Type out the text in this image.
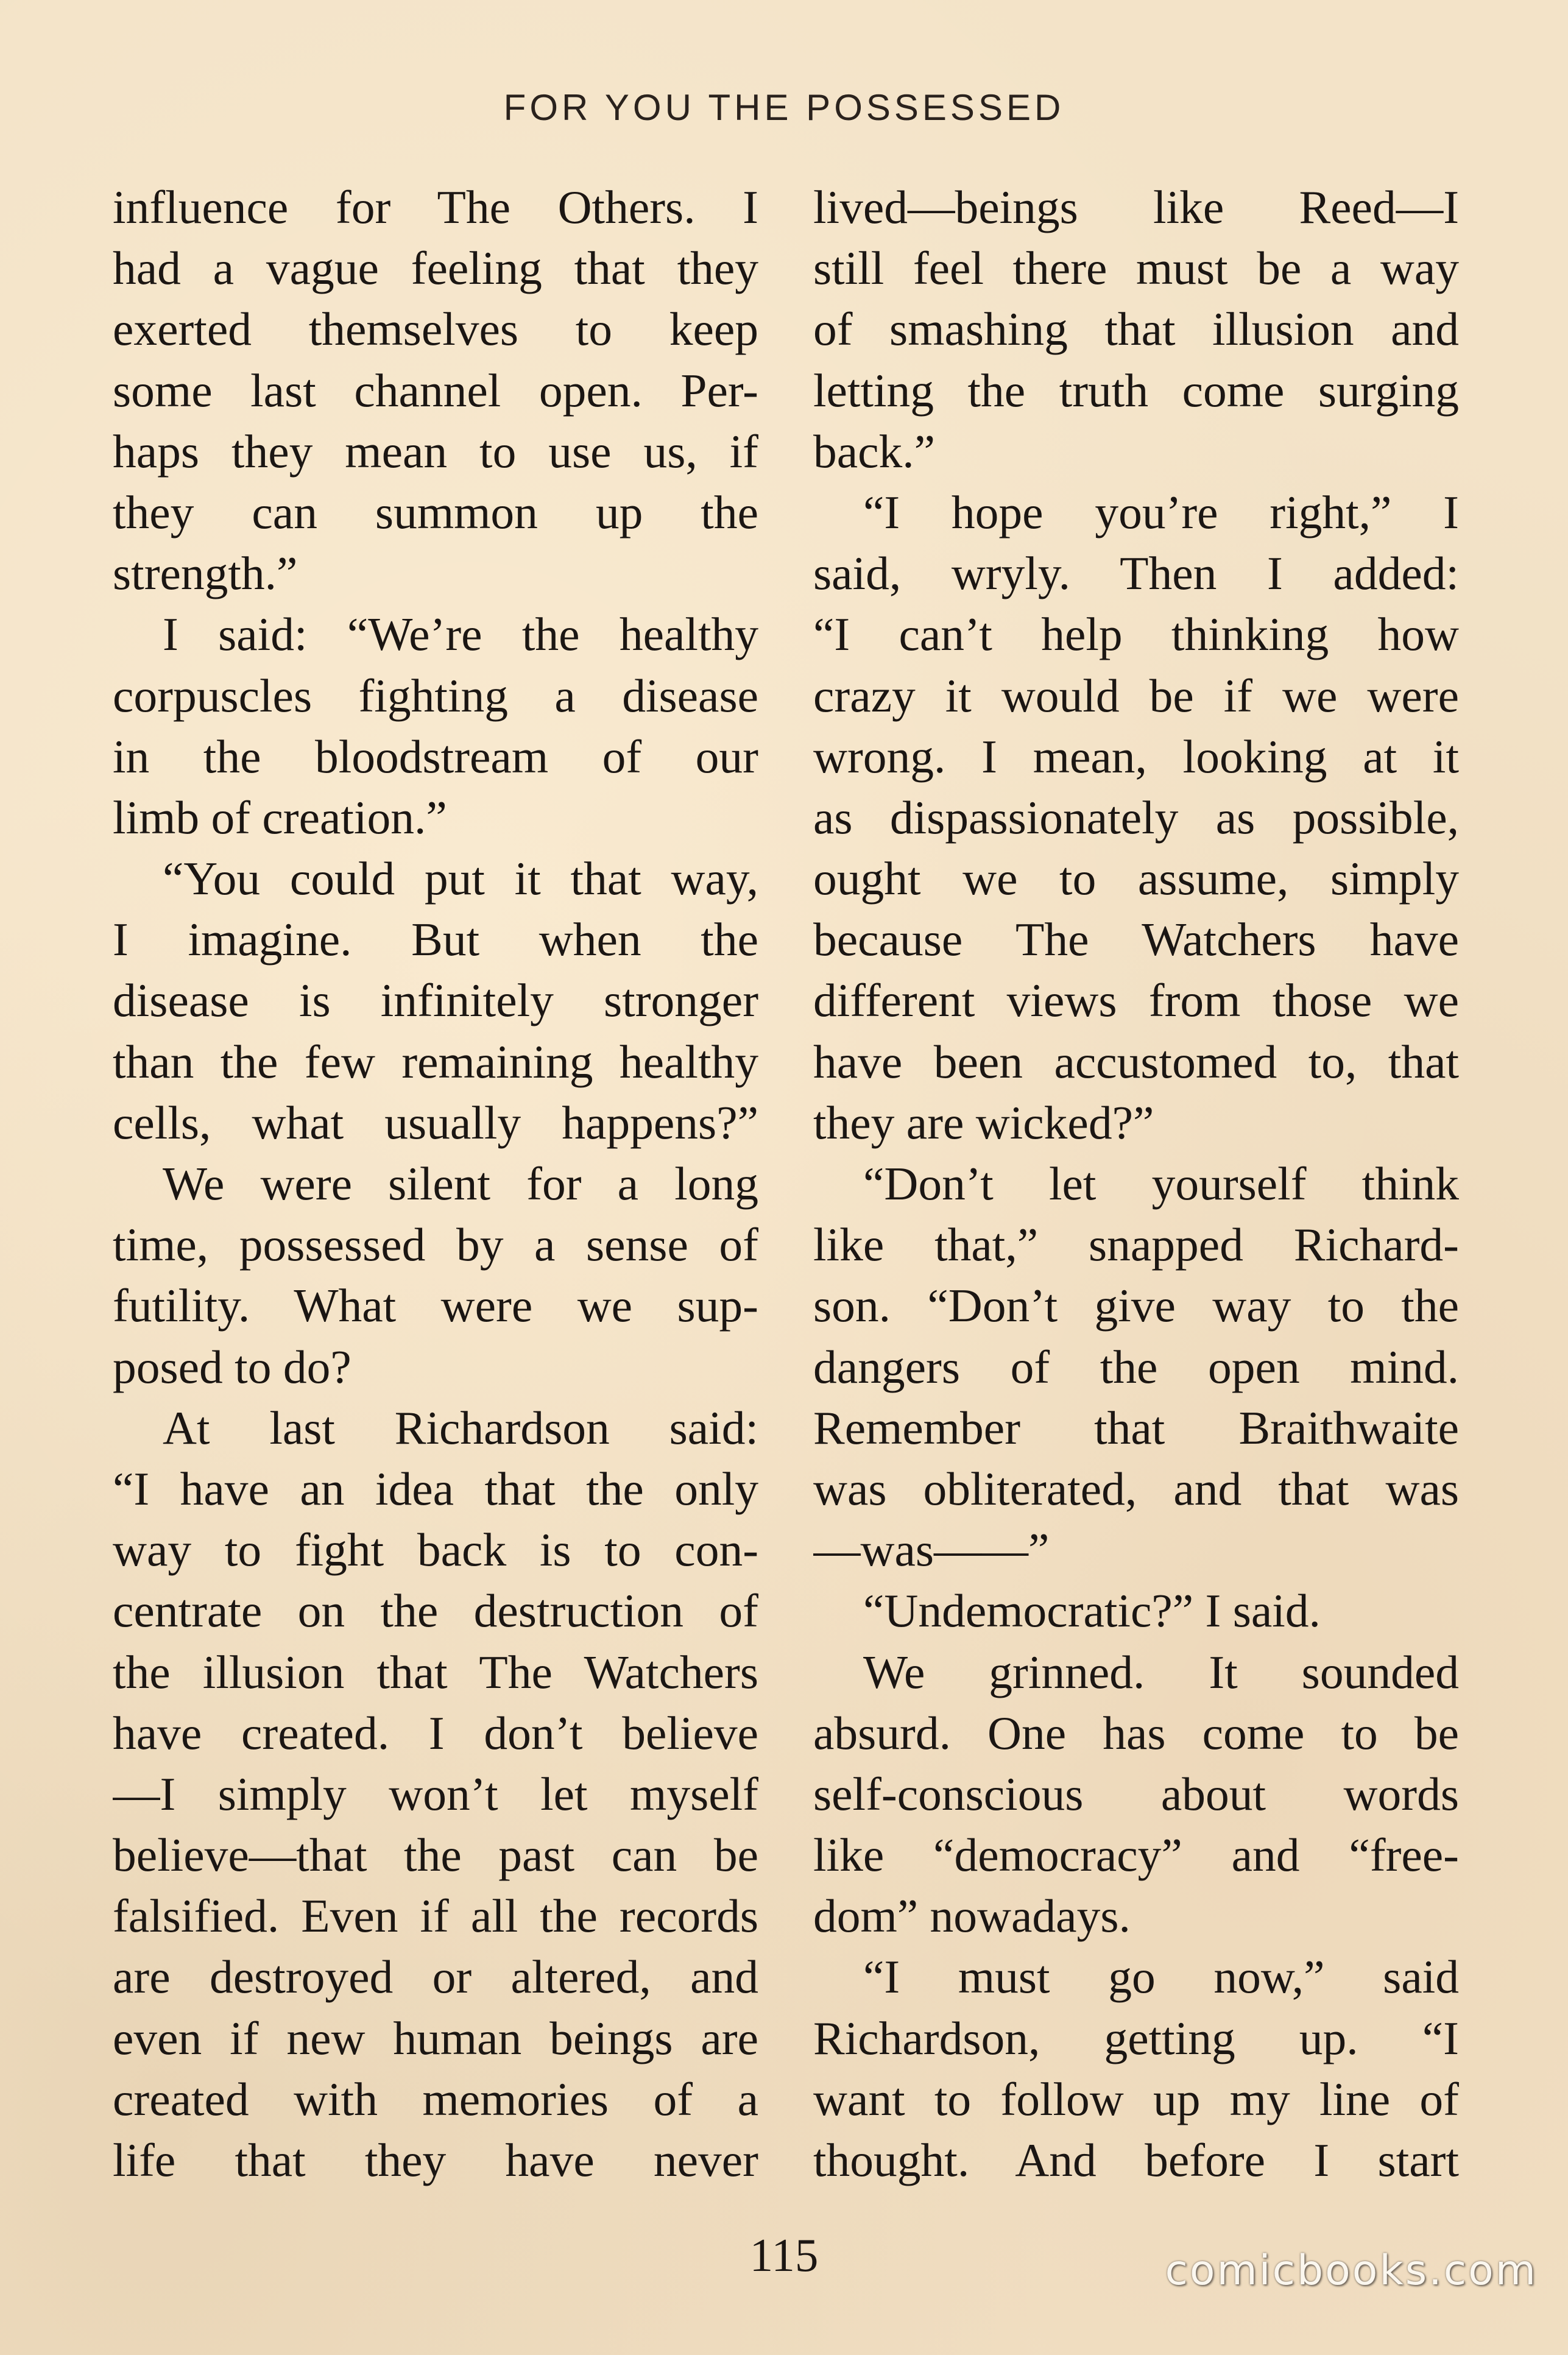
FOR YOU THE POSSESSED
influence for The Others. I
had a vague feeling that they
exerted themselves to keep
some last channel open. Per-
haps they mean to use us, if
they can summon up the
strength.”
I said: “We’re the healthy
corpuscles fighting a disease
in the bloodstream of our
limb of creation.”
“You could put it that way,
I imagine. But when the
disease is infinitely stronger
than the few remaining healthy
cells, what usually happens?”
We were silent for a long
time, possessed by a sense of
futility. What were we sup-
posed to do?
At last Richardson said:
“I have an idea that the only
way to fight back is to con-
centrate on the destruction of
the illusion that The Watchers
have created. I don’t believe
—I simply won’t let myself
believe—that the past can be
falsified. Even if all the records
are destroyed or altered, and
even if new human beings are
created with memories of a
life that they have never
lived—beings like Reed—I
still feel there must be a way
of smashing that illusion and
letting the truth come surging
back.”
“I hope you’re right,” I
said, wryly. Then I added:
“I can’t help thinking how
crazy it would be if we were
wrong. I mean, looking at it
as dispassionately as possible,
ought we to assume, simply
because The Watchers have
different views from those we
have been accustomed to, that
they are wicked?”
“Don’t let yourself think
like that,” snapped Richard-
son. “Don’t give way to the
dangers of the open mind.
Remember that Braithwaite
was obliterated, and that was
—was——”
“Undemocratic?” I said.
We grinned. It sounded
absurd. One has come to be
self-conscious about words
like “democracy” and “free-
dom” nowadays.
“I must go now,” said
Richardson, getting up. “I
want to follow up my line of
thought. And before I start
115	comicbooks.com
